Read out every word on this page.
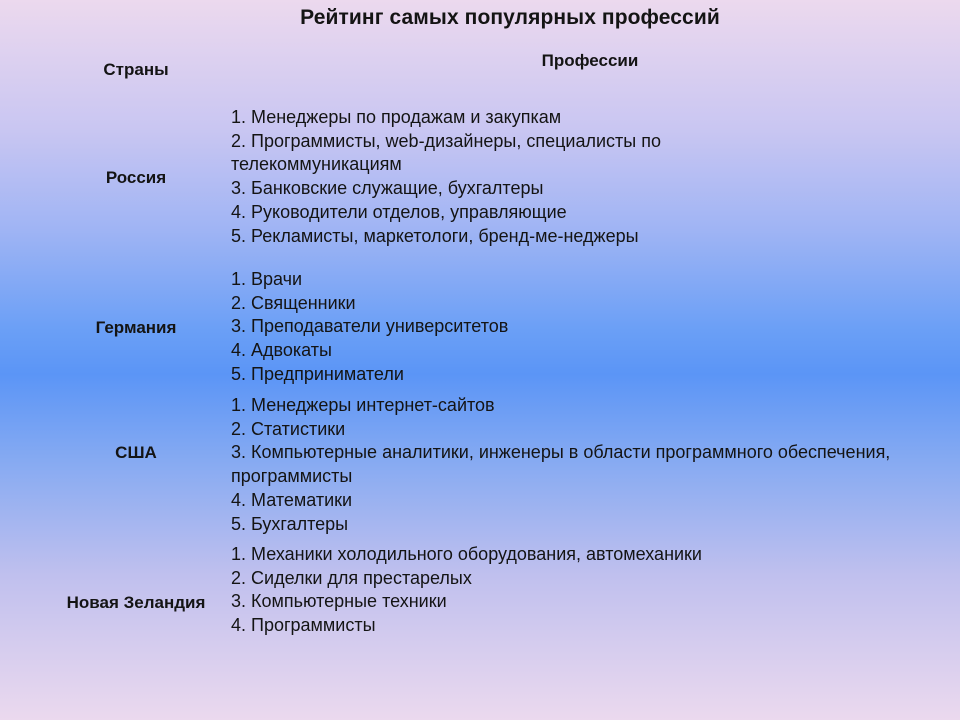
Рейтинг самых популярных профессий
Страны	Профессии
Россия
1. Менеджеры по продажам и закупкам
2. Программисты, web-дизайнеры, специалисты по телекоммуникациям
3. Банковские служащие, бухгалтеры
4. Руководители отделов, управляющие
5. Рекламисты, маркетологи, бренд-ме-неджеры
Германия
1. Врачи
2. Священники
3. Преподаватели университетов
4. Адвокаты
5. Предприниматели
США
1. Менеджеры интернет-сайтов
2. Статистики
3. Компьютерные аналитики, инженеры в области программного обеспечения, программисты
4. Математики
5. Бухгалтеры
Новая Зеландия
1. Механики холодильного оборудования, автомеханики
2. Сиделки для престарелых
3. Компьютерные техники
4. Программисты
